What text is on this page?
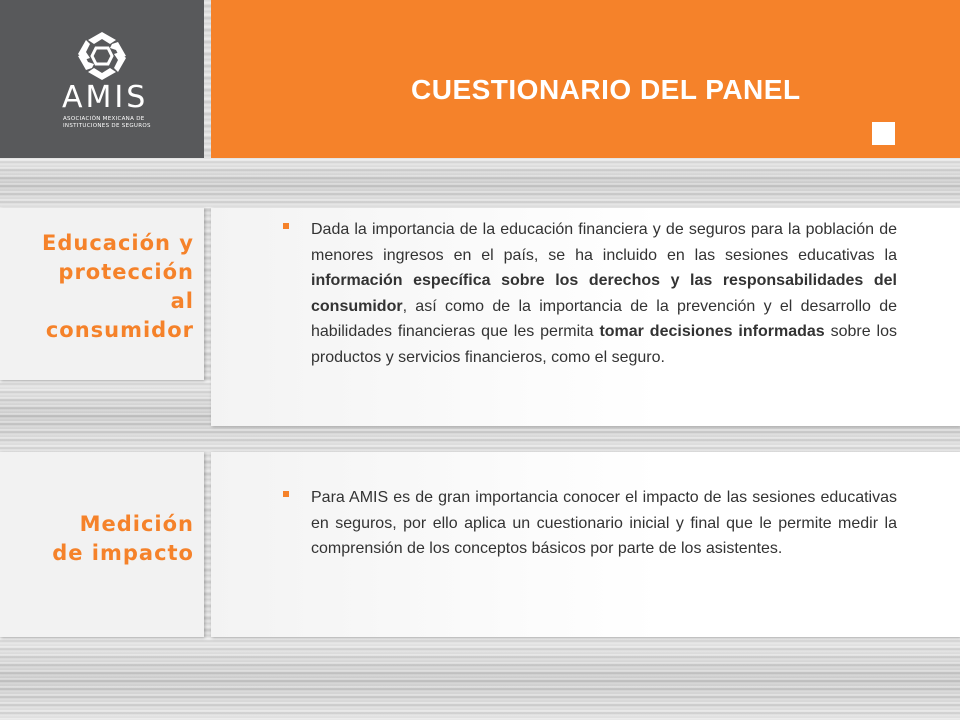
AMIS
ASOCIACIÓN MEXICANA DE
INSTITUCIONES DE SEGUROS
CUESTIONARIO DEL PANEL
Educación y
protección
al
consumidor
Dada la importancia de la educación financiera y de seguros para la población de menores ingresos en el país, se ha incluido en las sesiones educativas la información específica sobre los derechos y las responsabilidades del consumidor, así como de la importancia de la prevención y el desarrollo de habilidades financieras que les permita tomar decisiones informadas sobre los productos y servicios financieros, como el seguro.
Medición
de impacto
Para AMIS es de gran importancia conocer el impacto de las sesiones educativas en seguros, por ello aplica un cuestionario inicial y final que le permite medir la comprensión de los conceptos básicos por parte de los asistentes.
